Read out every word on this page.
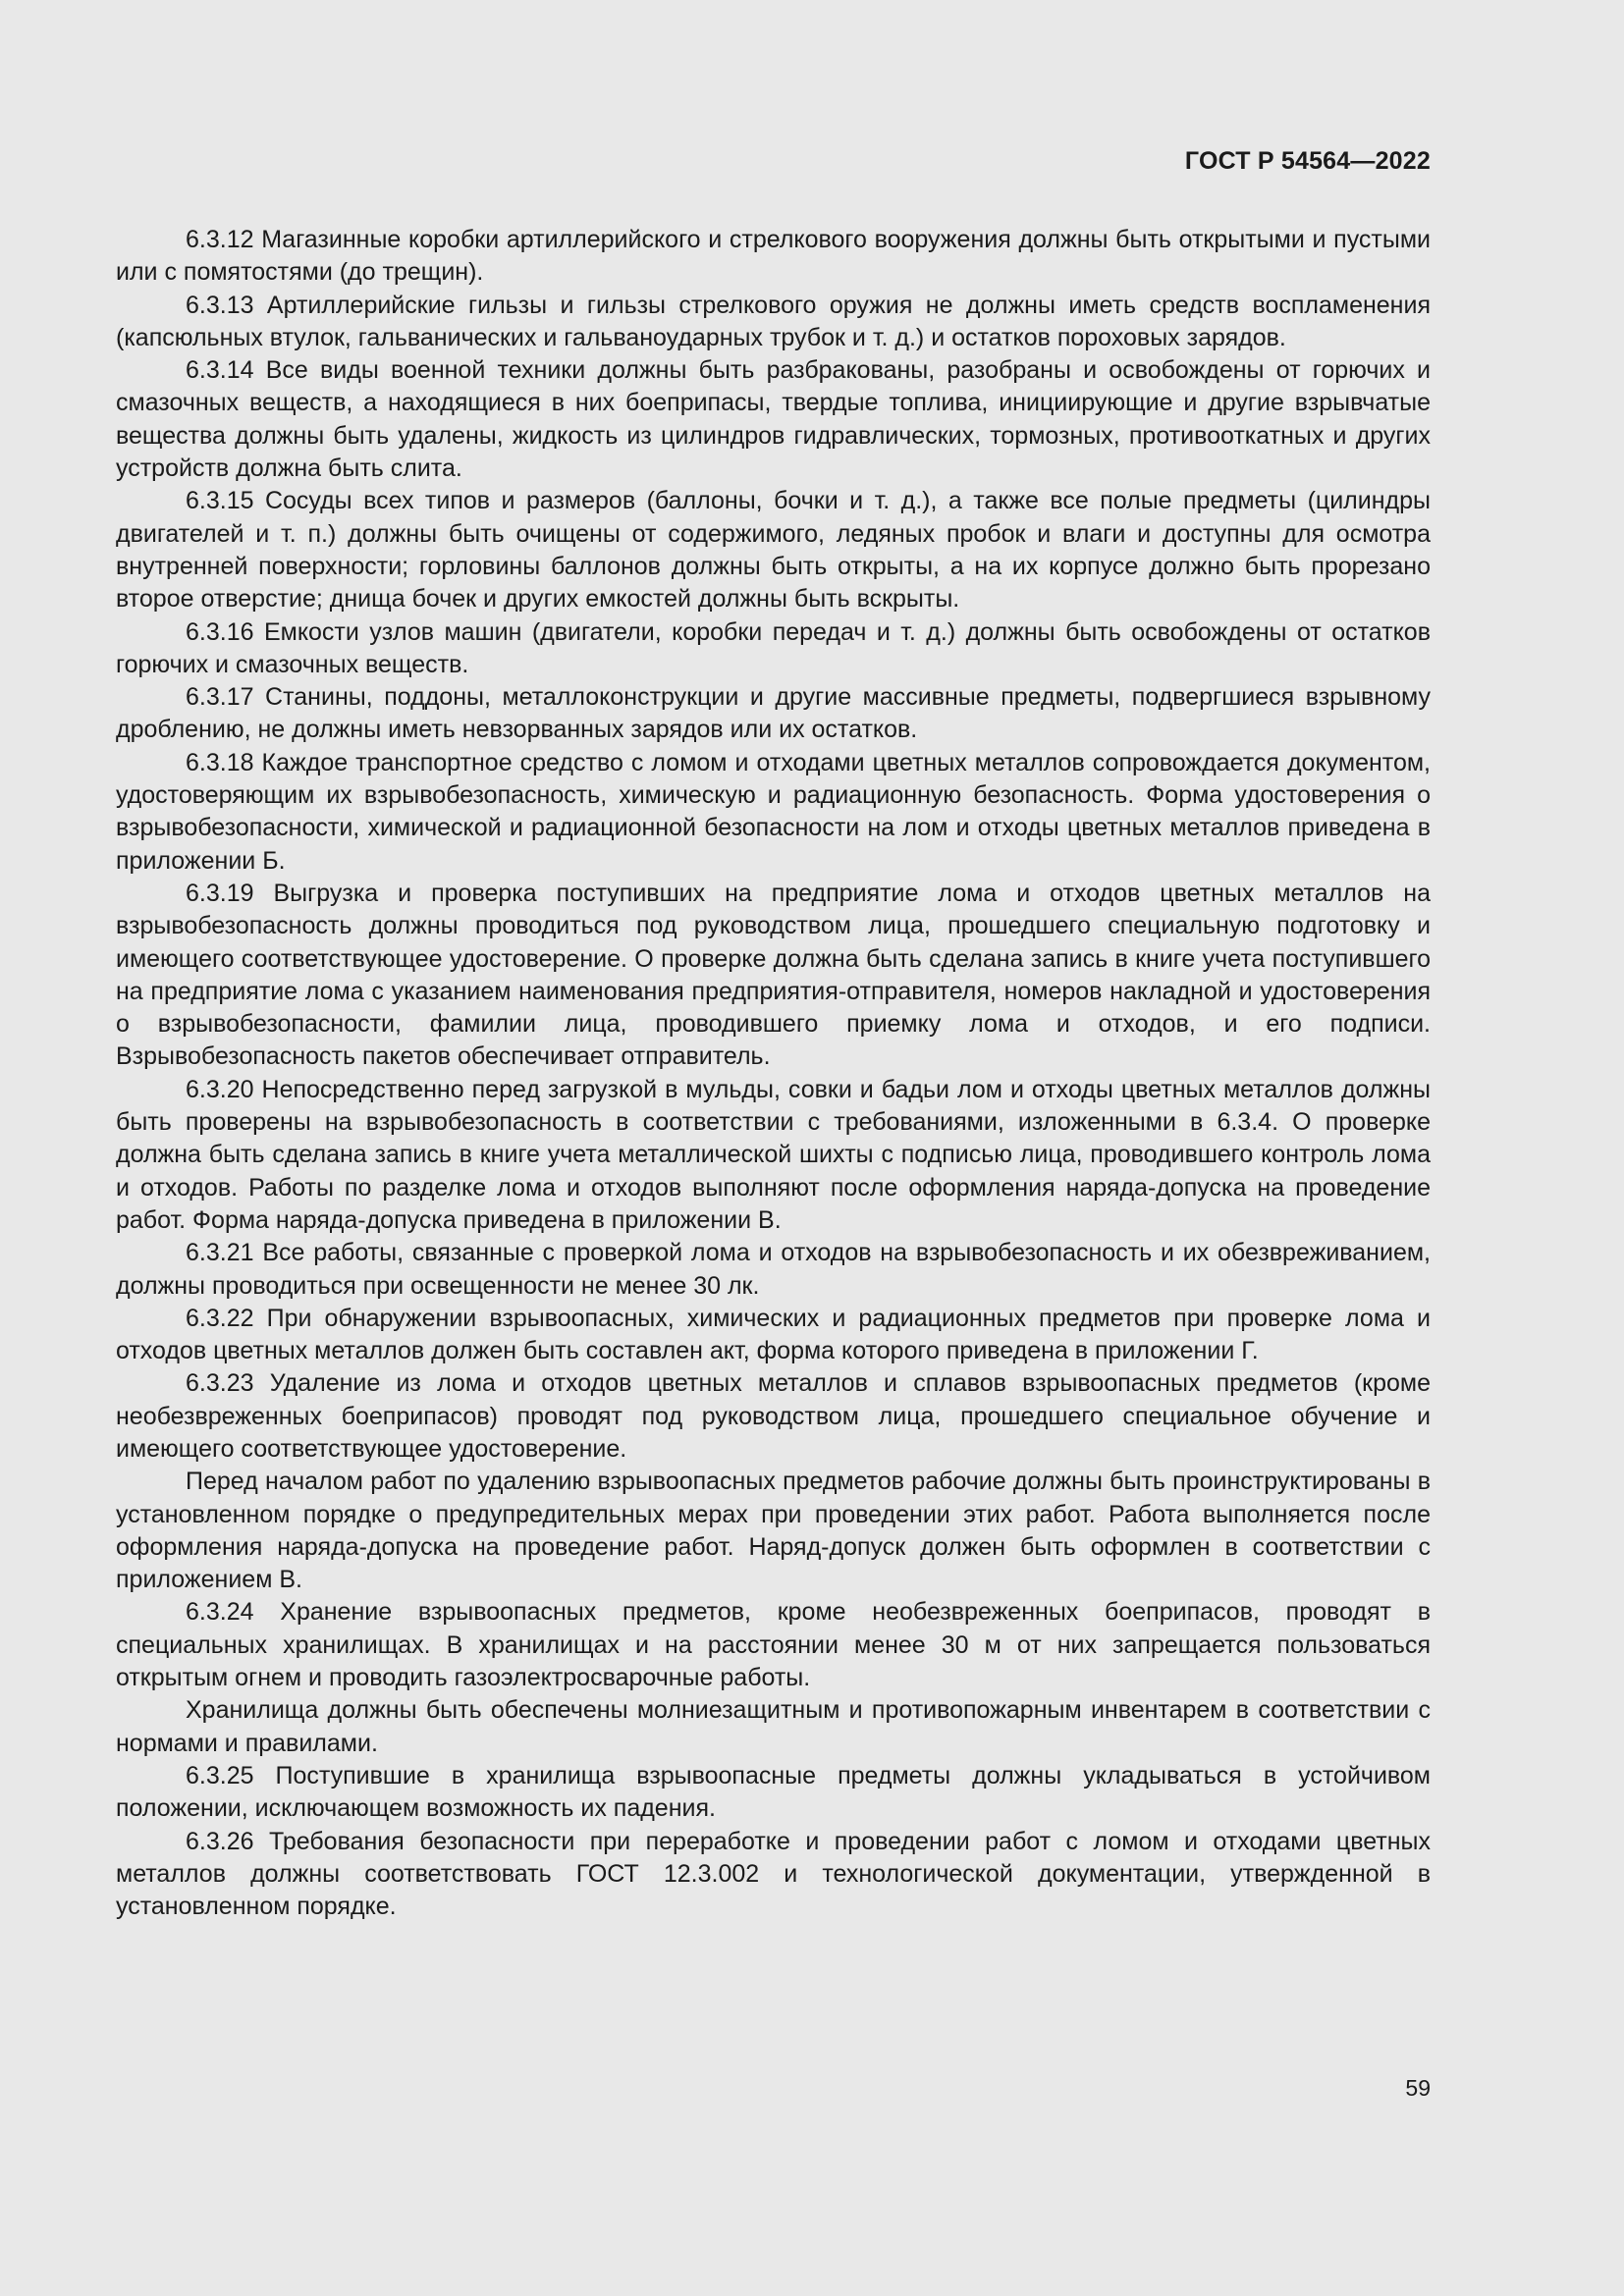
ГОСТ Р 54564—2022

6.3.12 Магазинные коробки артиллерийского и стрелкового вооружения должны быть открытыми и пустыми или с помятостями (до трещин).

6.3.13 Артиллерийские гильзы и гильзы стрелкового оружия не должны иметь средств воспламенения (капсюльных втулок, гальванических и гальваноударных трубок и т. д.) и остатков пороховых зарядов.

6.3.14 Все виды военной техники должны быть разбракованы, разобраны и освобождены от горючих и смазочных веществ, а находящиеся в них боеприпасы, твердые топлива, инициирующие и другие взрывчатые вещества должны быть удалены, жидкость из цилиндров гидравлических, тормозных, противооткатных и других устройств должна быть слита.

6.3.15 Сосуды всех типов и размеров (баллоны, бочки и т. д.), а также все полые предметы (цилиндры двигателей и т. п.) должны быть очищены от содержимого, ледяных пробок и влаги и доступны для осмотра внутренней поверхности; горловины баллонов должны быть открыты, а на их корпусе должно быть прорезано второе отверстие; днища бочек и других емкостей должны быть вскрыты.

6.3.16 Емкости узлов машин (двигатели, коробки передач и т. д.) должны быть освобождены от остатков горючих и смазочных веществ.

6.3.17 Станины, поддоны, металлоконструкции и другие массивные предметы, подвергшиеся взрывному дроблению, не должны иметь невзорванных зарядов или их остатков.

6.3.18 Каждое транспортное средство с ломом и отходами цветных металлов сопровождается документом, удостоверяющим их взрывобезопасность, химическую и радиационную безопасность. Форма удостоверения о взрывобезопасности, химической и радиационной безопасности на лом и отходы цветных металлов приведена в приложении Б.

6.3.19 Выгрузка и проверка поступивших на предприятие лома и отходов цветных металлов на взрывобезопасность должны проводиться под руководством лица, прошедшего специальную подготовку и имеющего соответствующее удостоверение. О проверке должна быть сделана запись в книге учета поступившего на предприятие лома с указанием наименования предприятия-отправителя, номеров накладной и удостоверения о взрывобезопасности, фамилии лица, проводившего приемку лома и отходов, и его подписи. Взрывобезопасность пакетов обеспечивает отправитель.

6.3.20 Непосредственно перед загрузкой в мульды, совки и бадьи лом и отходы цветных металлов должны быть проверены на взрывобезопасность в соответствии с требованиями, изложенными в 6.3.4. О проверке должна быть сделана запись в книге учета металлической шихты с подписью лица, проводившего контроль лома и отходов. Работы по разделке лома и отходов выполняют после оформления наряда-допуска на проведение работ. Форма наряда-допуска приведена в приложении В.

6.3.21 Все работы, связанные с проверкой лома и отходов на взрывобезопасность и их обезвреживанием, должны проводиться при освещенности не менее 30 лк.

6.3.22 При обнаружении взрывоопасных, химических и радиационных предметов при проверке лома и отходов цветных металлов должен быть составлен акт, форма которого приведена в приложении Г.

6.3.23 Удаление из лома и отходов цветных металлов и сплавов взрывоопасных предметов (кроме необезвреженных боеприпасов) проводят под руководством лица, прошедшего специальное обучение и имеющего соответствующее удостоверение.

Перед началом работ по удалению взрывоопасных предметов рабочие должны быть проинструктированы в установленном порядке о предупредительных мерах при проведении этих работ. Работа выполняется после оформления наряда-допуска на проведение работ. Наряд-допуск должен быть оформлен в соответствии с приложением В.

6.3.24 Хранение взрывоопасных предметов, кроме необезвреженных боеприпасов, проводят в специальных хранилищах. В хранилищах и на расстоянии менее 30 м от них запрещается пользоваться открытым огнем и проводить газоэлектросварочные работы.

Хранилища должны быть обеспечены молниезащитным и противопожарным инвентарем в соответствии с нормами и правилами.

6.3.25 Поступившие в хранилища взрывоопасные предметы должны укладываться в устойчивом положении, исключающем возможность их падения.

6.3.26 Требования безопасности при переработке и проведении работ с ломом и отходами цветных металлов должны соответствовать ГОСТ 12.3.002 и технологической документации, утвержденной в установленном порядке.

59
